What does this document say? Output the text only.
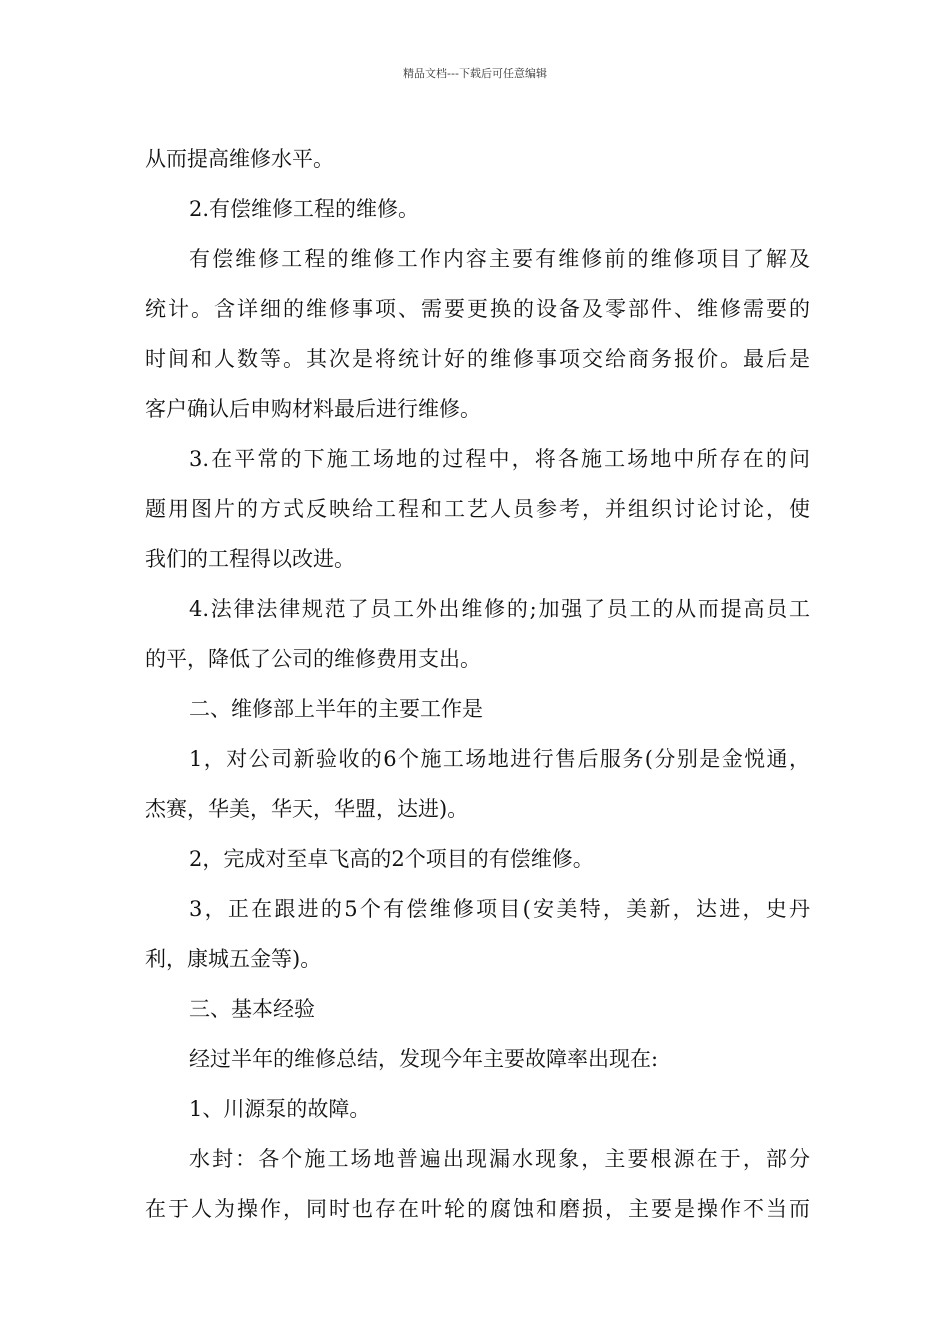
精品文档---下载后可任意编辑
从而提高维修水平。
2.有偿维修工程的维修。
有偿维修工程的维修工作内容主要有维修前的维修项目了解及
统计。含详细的维修事项、需要更换的设备及零部件、维修需要的
时间和人数等。其次是将统计好的维修事项交给商务报价。最后是
客户确认后申购材料最后进行维修。
3.在平常的下施工场地的过程中，将各施工场地中所存在的问
题用图片的方式反映给工程和工艺人员参考，并组织讨论讨论，使
我们的工程得以改进。
4.法律法律规范了员工外出维修的;加强了员工的从而提高员工
的平，降低了公司的维修费用支出。
二、维修部上半年的主要工作是
1，对公司新验收的6个施工场地进行售后服务(分别是金悦通，
杰赛，华美，华天，华盟，达进)。
2，完成对至卓飞高的2个项目的有偿维修。
3，正在跟进的5个有偿维修项目(安美特，美新，达进，史丹
利，康城五金等)。
三、基本经验
经过半年的维修总结，发现今年主要故障率出现在:
1、川源泵的故障。
水封：各个施工场地普遍出现漏水现象，主要根源在于，部分
在于人为操作，同时也存在叶轮的腐蚀和磨损，主要是操作不当而
